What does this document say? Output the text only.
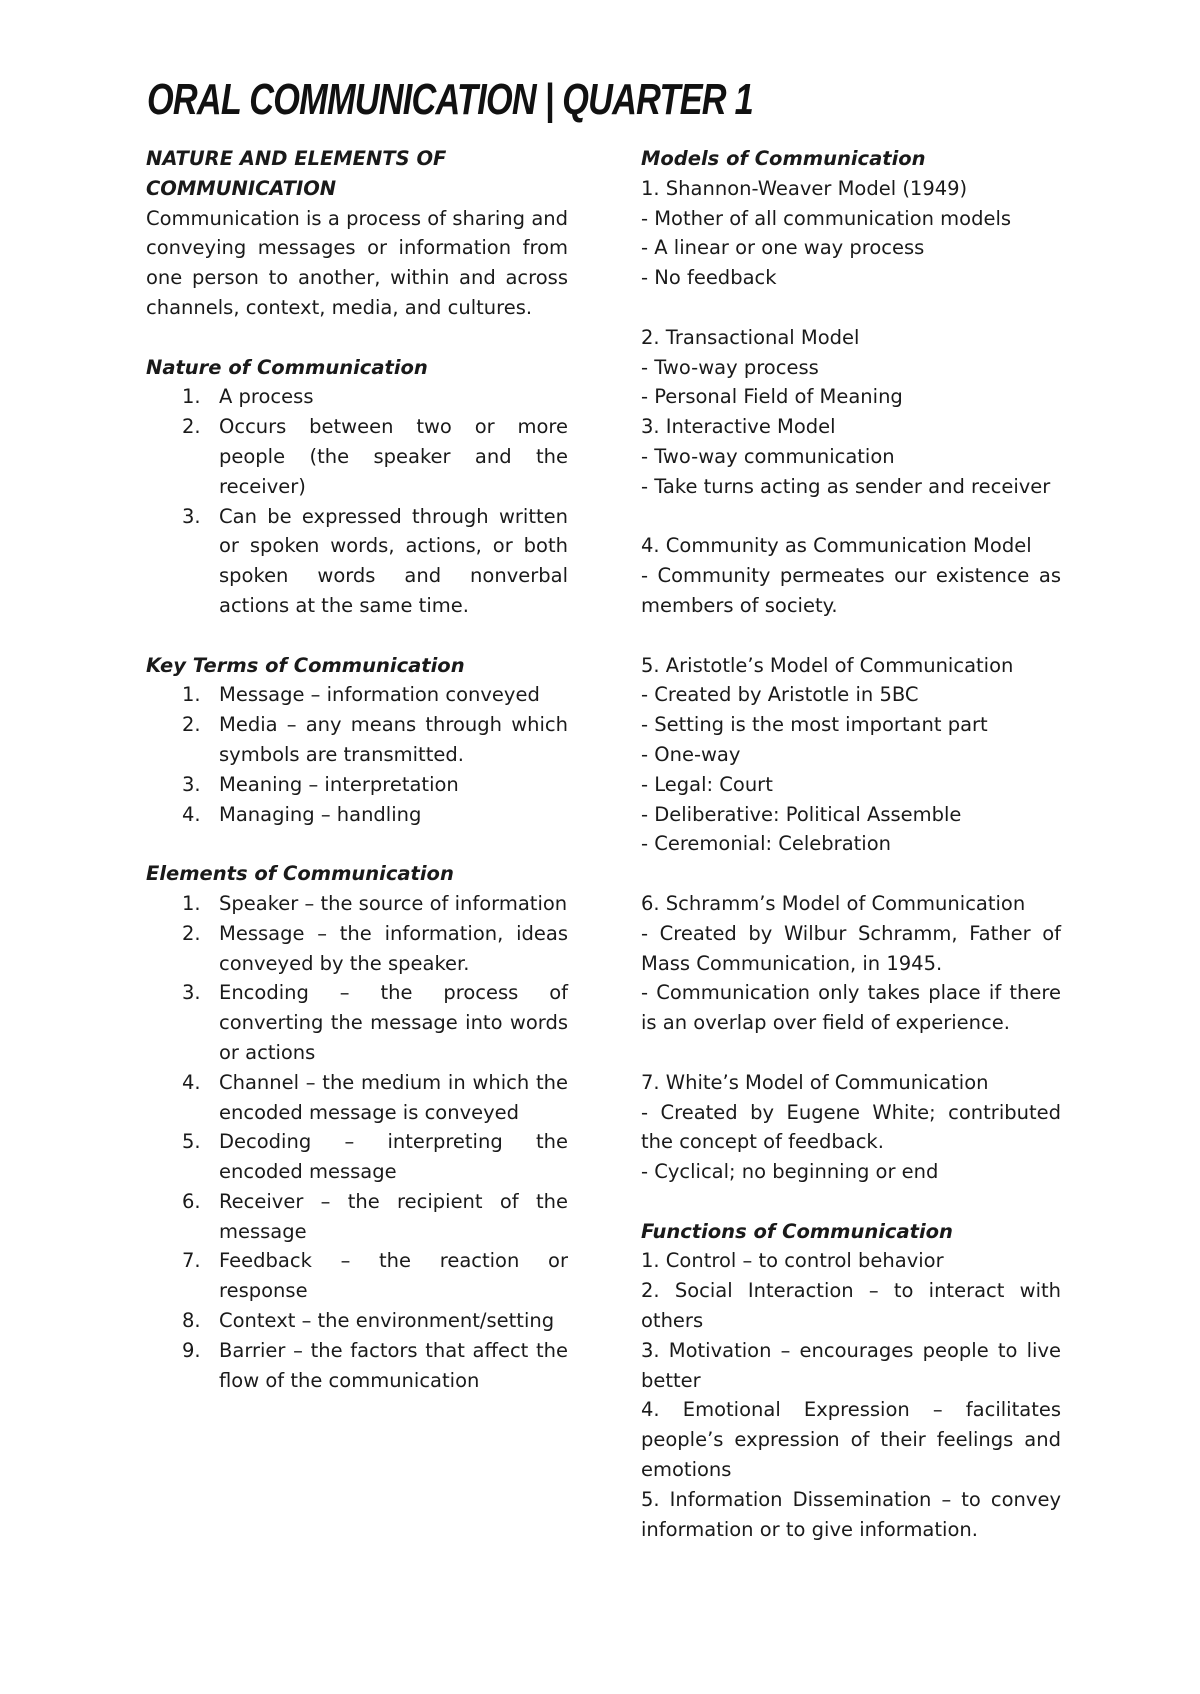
ORAL COMMUNICATION | QUARTER 1

NATURE AND ELEMENTS OF

COMMUNICATION

Communication is a process of sharing and conveying messages or information from one person to another, within and across channels, context, media, and cultures.

Nature of Communication

1. A process
2. Occurs between two or more people (the speaker and the receiver)
3. Can be expressed through written or spoken words, actions, or both spoken words and nonverbal actions at the same time.

Key Terms of Communication

1. Message – information conveyed
2. Media – any means through which symbols are transmitted.
3. Meaning – interpretation
4. Managing – handling

Elements of Communication

1. Speaker – the source of information
2. Message – the information, ideas conveyed by the speaker.
3. Encoding – the process of converting the message into words or actions
4. Channel – the medium in which the encoded message is conveyed
5. Decoding – interpreting the encoded message
6. Receiver – the recipient of the message
7. Feedback – the reaction or response
8. Context – the environment/setting
9. Barrier – the factors that affect the flow of the communication

Models of Communication

1. Shannon-Weaver Model (1949)

- Mother of all communication models

- A linear or one way process

- No feedback

2. Transactional Model

- Two-way process

- Personal Field of Meaning

3. Interactive Model

- Two-way communication

- Take turns acting as sender and receiver

4. Community as Communication Model

- Community permeates our existence as members of society.

5. Aristotle’s Model of Communication

- Created by Aristotle in 5BC

- Setting is the most important part

- One-way

- Legal: Court

- Deliberative: Political Assemble

- Ceremonial: Celebration

6. Schramm’s Model of Communication

- Created by Wilbur Schramm, Father of Mass Communication, in 1945.

- Communication only takes place if there is an overlap over field of experience.

7. White’s Model of Communication

- Created by Eugene White; contributed the concept of feedback.

- Cyclical; no beginning or end

Functions of Communication

1. Control – to control behavior

2. Social Interaction – to interact with others

3. Motivation – encourages people to live better

4. Emotional Expression – facilitates people’s expression of their feelings and emotions

5. Information Dissemination – to convey information or to give information.
